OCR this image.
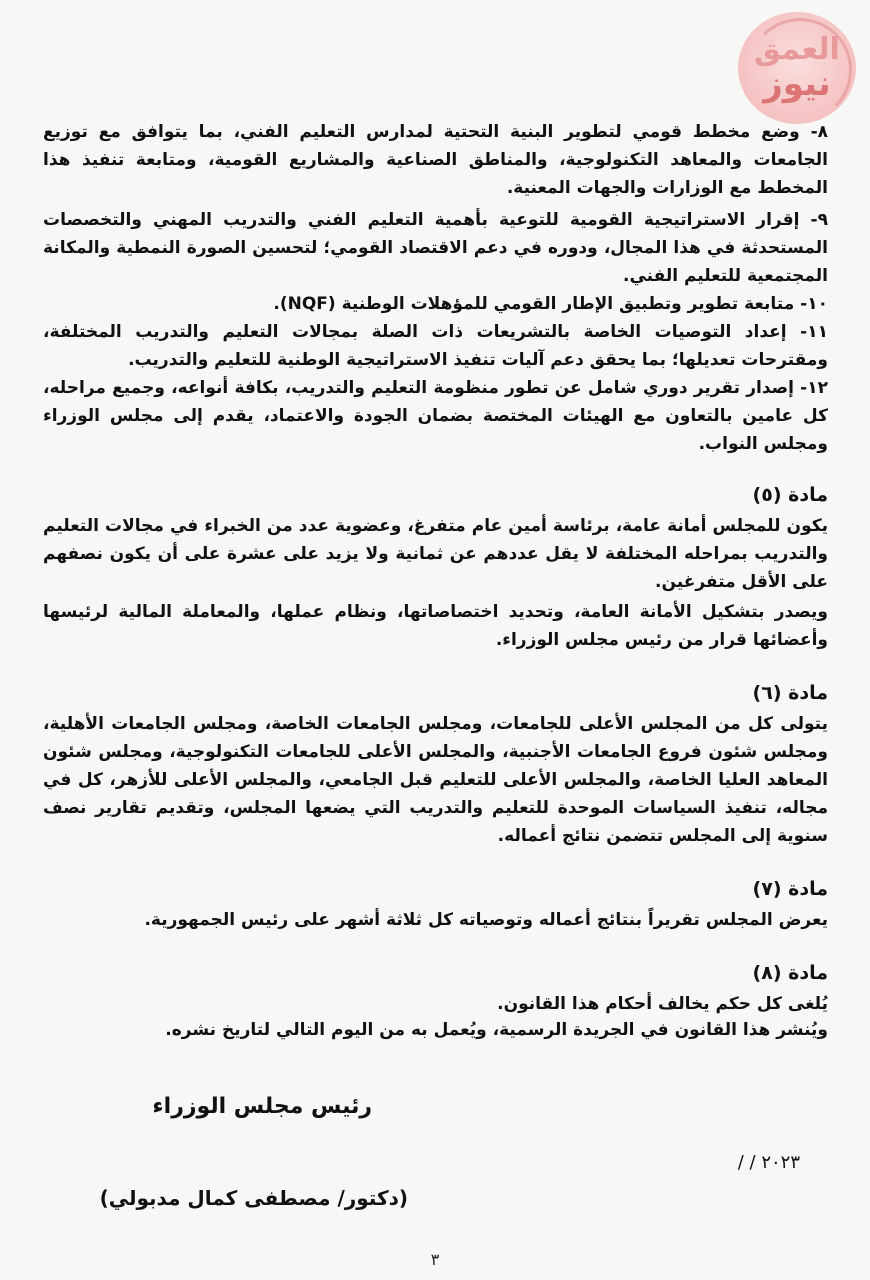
العمق
نيوز
٨- وضع مخطط قومي لتطوير البنية التحتية لمدارس التعليم الفني، بما يتوافق مع توزيع الجامعات والمعاهد التكنولوجية، والمناطق الصناعية والمشاريع القومية، ومتابعة تنفيذ هذا المخطط مع الوزارات والجهات المعنية.
٩- إقرار الاستراتيجية القومية للتوعية بأهمية التعليم الفني والتدريب المهني والتخصصات المستحدثة في هذا المجال، ودوره في دعم الاقتصاد القومي؛ لتحسين الصورة النمطية والمكانة المجتمعية للتعليم الفني.
١٠- متابعة تطوير وتطبيق الإطار القومي للمؤهلات الوطنية (NQF).
١١- إعداد التوصيات الخاصة بالتشريعات ذات الصلة بمجالات التعليم والتدريب المختلفة، ومقترحات تعديلها؛ بما يحقق دعم آليات تنفيذ الاستراتيجية الوطنية للتعليم والتدريب.
١٢- إصدار تقرير دوري شامل عن تطور منظومة التعليم والتدريب، بكافة أنواعه، وجميع مراحله، كل عامين بالتعاون مع الهيئات المختصة بضمان الجودة والاعتماد، يقدم إلى مجلس الوزراء ومجلس النواب.
مادة (٥)
يكون للمجلس أمانة عامة، برئاسة أمين عام متفرغ، وعضوية عدد من الخبراء في مجالات التعليم والتدريب بمراحله المختلفة لا يقل عددهم عن ثمانية ولا يزيد على عشرة على أن يكون نصفهم على الأقل متفرغين.
ويصدر بتشكيل الأمانة العامة، وتحديد اختصاصاتها، ونظام عملها، والمعاملة المالية لرئيسها وأعضائها قرار من رئيس مجلس الوزراء.
مادة (٦)
يتولى كل من المجلس الأعلى للجامعات، ومجلس الجامعات الخاصة، ومجلس الجامعات الأهلية، ومجلس شئون فروع الجامعات الأجنبية، والمجلس الأعلى للجامعات التكنولوجية، ومجلس شئون المعاهد العليا الخاصة، والمجلس الأعلى للتعليم قبل الجامعي، والمجلس الأعلى للأزهر، كل في مجاله، تنفيذ السياسات الموحدة للتعليم والتدريب التي يضعها المجلس، وتقديم تقارير نصف سنوية إلى المجلس تتضمن نتائج أعماله.
مادة (٧)
يعرض المجلس تقريراً بنتائج أعماله وتوصياته كل ثلاثة أشهر على رئيس الجمهورية.
مادة (٨)
يُلغى كل حكم يخالف أحكام هذا القانون.
ويُنشر هذا القانون في الجريدة الرسمية، ويُعمل به من اليوم التالي لتاريخ نشره.
رئيس مجلس الوزراء
/ / ٢٠٢٣
(دكتور/ مصطفى كمال مدبولي)
٣
